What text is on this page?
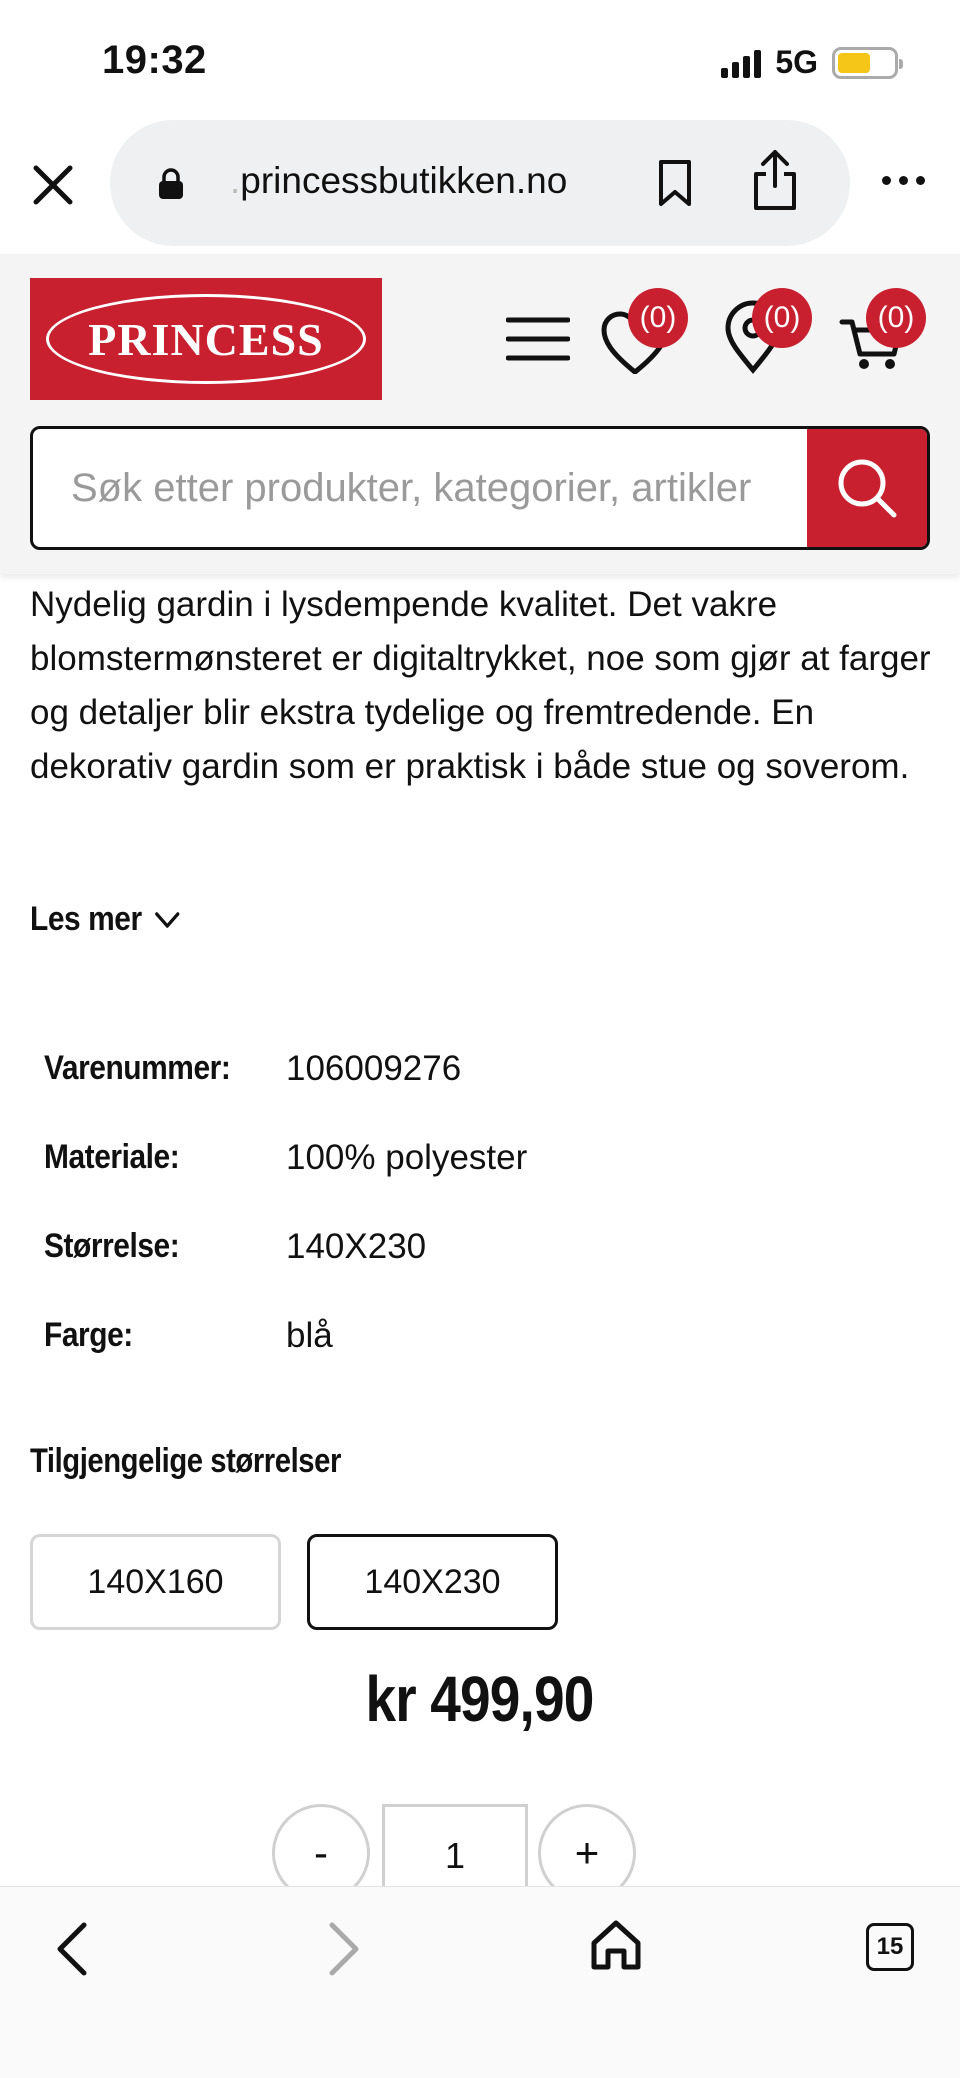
19:32	5G
.princessbutikken.no
PRINCESS	(0)	(0)	(0)
Søk etter produkter, kategorier, artikler
Nydelig gardin i lysdempende kvalitet. Det vakre blomstermønsteret er digitaltrykket, noe som gjør at farger og detaljer blir ekstra tydelige og fremtredende. En dekorativ gardin som er praktisk i både stue og soverom.
Les mer
Varenummer:	106009276
Materiale:	100% polyester
Størrelse:	140X230
Farge:	blå
Tilgjengelige størrelser
140X160	140X230
kr 499,90
-	1	+
15
